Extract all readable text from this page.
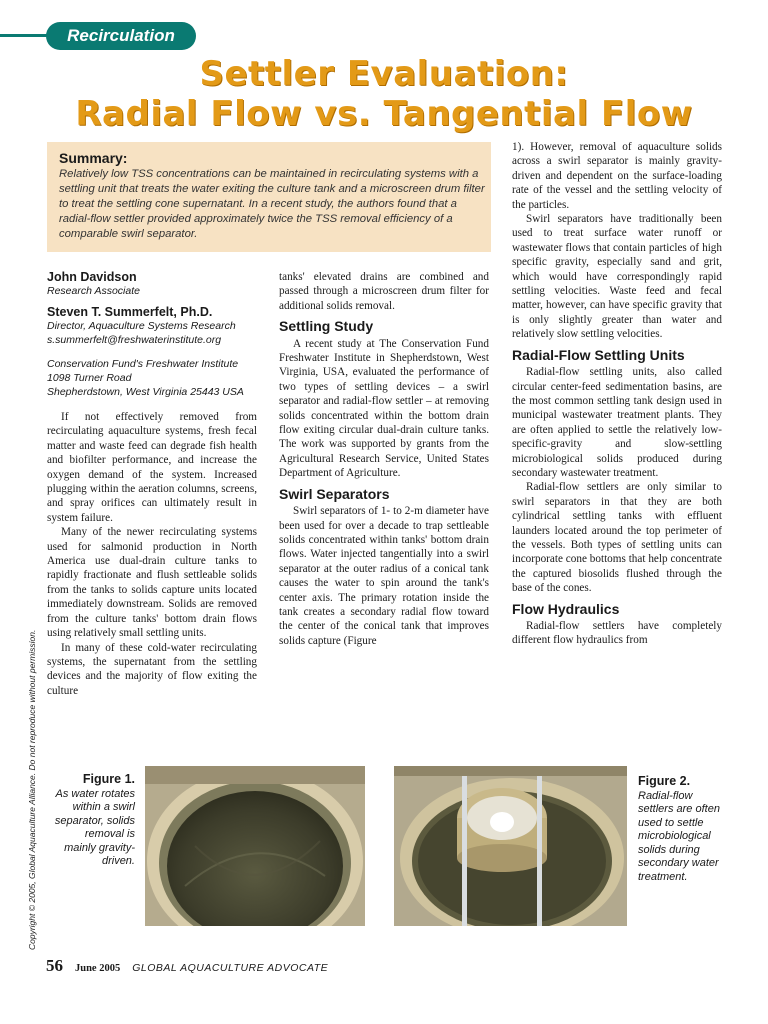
Recirculation
Settler Evaluation:
Radial Flow vs. Tangential Flow
Summary:

Relatively low TSS concentrations can be maintained in recirculating systems with a settling unit that treats the water exiting the culture tank and a microscreen drum filter to treat the settling cone supernatant. In a recent study, the authors found that a radial-flow settler provided approximately twice the TSS removal efficiency of a comparable swirl separator.

John Davidson
Research Associate
Steven T. Summerfelt, Ph.D.
Director, Aquaculture Systems Research
s.summerfelt@freshwaterinstitute.org
Conservation Fund's Freshwater Institute
1098 Turner Road
Shepherdstown, West Virginia 25443 USA

If not effectively removed from recirculating aquaculture systems, fresh fecal matter and waste feed can degrade fish health and biofilter performance, and increase the oxygen demand of the system. Increased plugging within the aeration columns, screens, and spray orifices can ultimately result in system failure.

Many of the newer recirculating systems used for salmonid production in North America use dual-drain culture tanks to rapidly fractionate and flush settleable solids from the tanks to solids capture units located immediately downstream. Solids are removed from the culture tanks' bottom drain flows using relatively small settling units.

In many of these cold-water recirculating systems, the supernatant from the settling devices and the majority of flow exiting the culture

tanks' elevated drains are combined and passed through a microscreen drum filter for additional solids removal.

Settling Study

A recent study at The Conservation Fund Freshwater Institute in Shepherdstown, West Virginia, USA, evaluated the performance of two types of settling devices – a swirl separator and radial-flow settler – at removing solids concentrated within the bottom drain flow exiting circular dual-drain culture tanks. The work was supported by grants from the Agricultural Research Service, United States Department of Agriculture.

Swirl Separators

Swirl separators of 1- to 2-m diameter have been used for over a decade to trap settleable solids concentrated within tanks' bottom drain flows. Water injected tangentially into a swirl separator at the outer radius of a conical tank causes the water to spin around the tank's center axis. The primary rotation inside the tank creates a secondary radial flow toward the center of the conical tank that improves solids capture (Figure

1). However, removal of aquaculture solids across a swirl separator is mainly gravity-driven and dependent on the surface-loading rate of the vessel and the settling velocity of the particles.

Swirl separators have traditionally been used to treat surface water runoff or wastewater flows that contain particles of high specific gravity, especially sand and grit, which would have correspondingly rapid settling velocities. Waste feed and fecal matter, however, can have specific gravity that is only slightly greater than water and relatively slow settling velocities.

Radial-Flow Settling Units

Radial-flow settling units, also called circular center-feed sedimentation basins, are the most common settling tank design used in municipal wastewater treatment plants. They are often applied to settle the relatively low-specific-gravity and slow-settling microbiological solids produced during secondary wastewater treatment.

Radial-flow settlers are only similar to swirl separators in that they are both cylindrical settling tanks with effluent launders located around the top perimeter of the vessels. Both types of settling units can incorporate cone bottoms that help concentrate the captured biosolids flushed through the base of the cones.

Flow Hydraulics

Radial-flow settlers have completely different flow hydraulics from

Figure 1.
As water rotates within a swirl separator, solids removal is mainly gravity-driven.
Figure 2.
Radial-flow settlers are often used to settle microbiological solids during secondary water treatment.
Copyright © 2005, Global Aquaculture Alliance. Do not reproduce without permission.
56 June 2005 GLOBAL AQUACULTURE ADVOCATE
